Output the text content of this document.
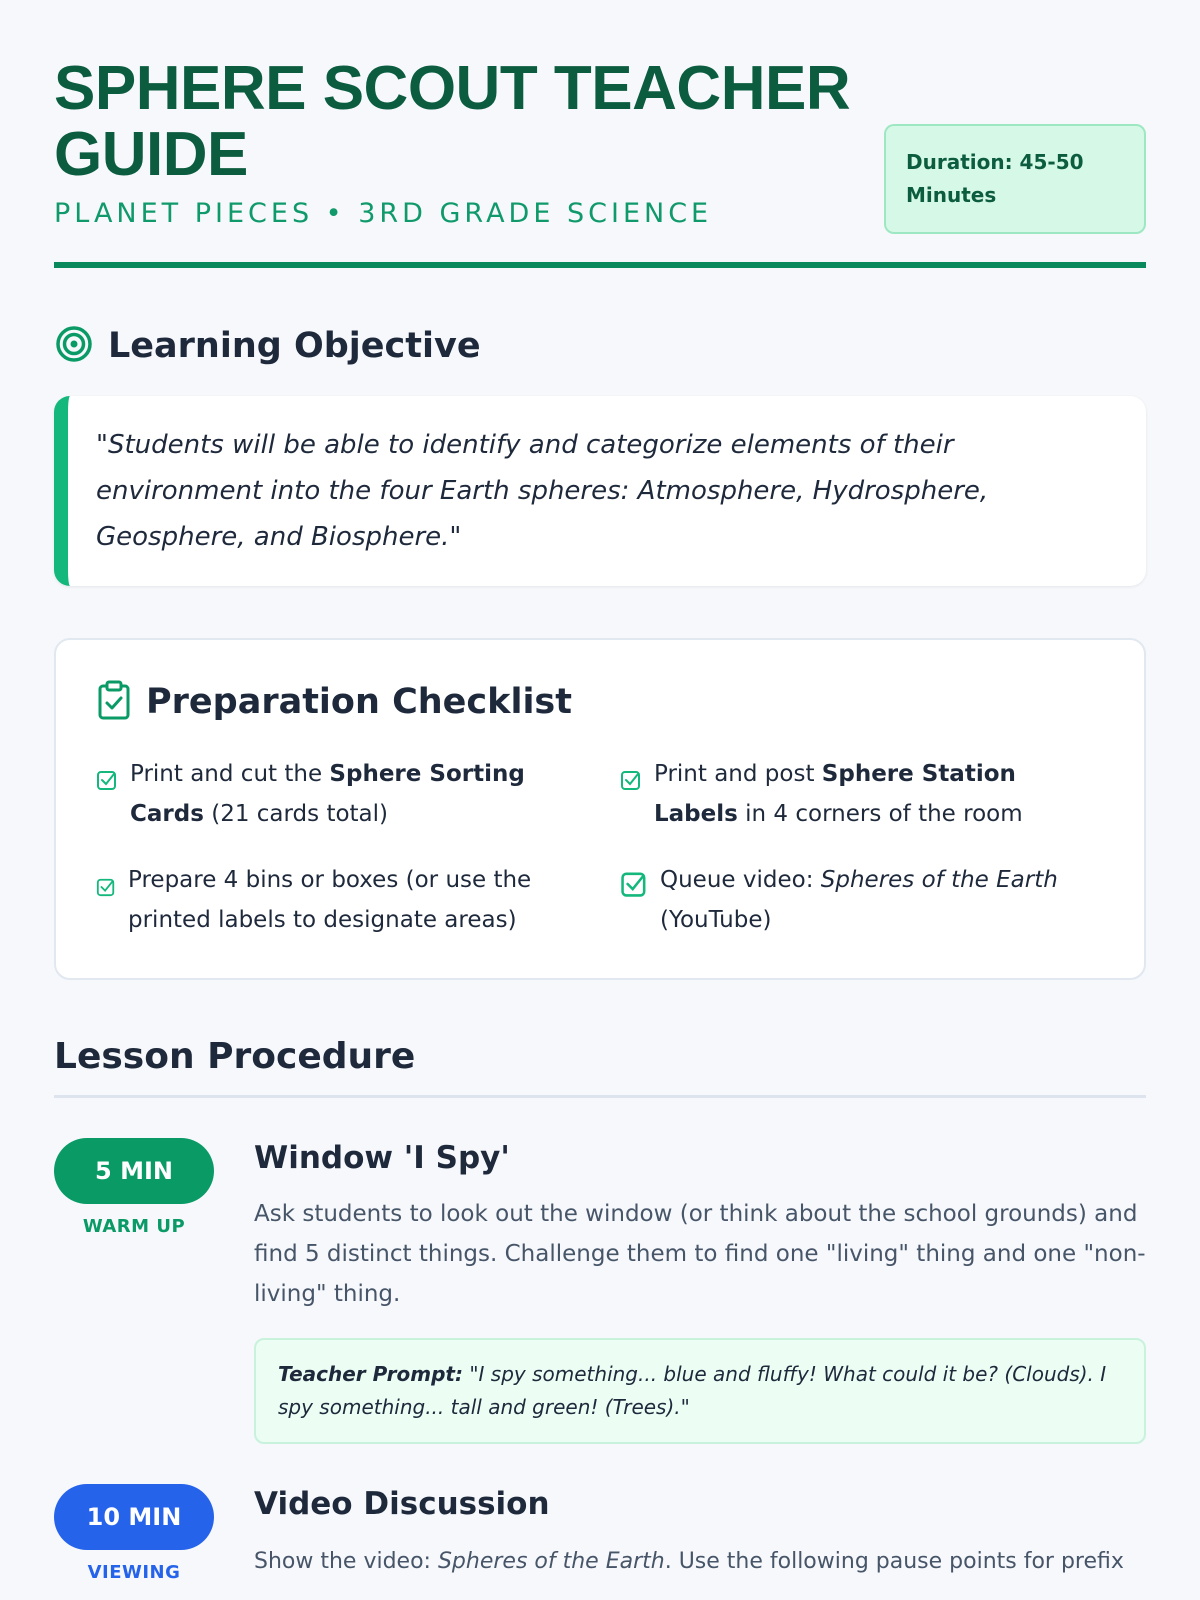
SPHERE SCOUT TEACHER GUIDE
PLANET PIECES • 3RD GRADE SCIENCE
Duration: 45-50 Minutes
Learning Objective
"Students will be able to identify and categorize elements of their environment into the four Earth spheres: Atmosphere, Hydrosphere, Geosphere, and Biosphere."
Preparation Checklist
Print and cut the Sphere Sorting Cards (21 cards total)
Print and post Sphere Station Labels in 4 corners of the room
Prepare 4 bins or boxes (or use the printed labels to designate areas)
Queue video: Spheres of the Earth (YouTube)
Lesson Procedure
5 MIN
WARM UP
Window 'I Spy'

Ask students to look out the window (or think about the school grounds) and find 5 distinct things. Challenge them to find one "living" thing and one "non-living" thing.

Teacher Prompt: "I spy something... blue and fluffy! What could it be? (Clouds). I spy something... tall and green! (Trees)."
10 MIN
VIEWING
Video Discussion

Show the video: Spheres of the Earth. Use the following pause points for prefix
